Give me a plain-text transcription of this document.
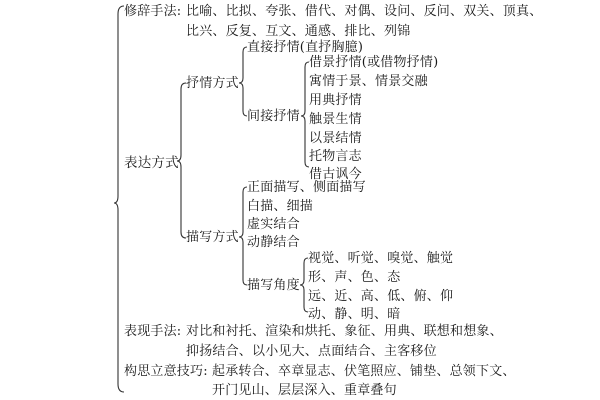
表达方式
修辞手法: 比喻、比拟、夸张、借代、对偶、设问、反问、双关、顶真、
比兴、反复、互文、通感、排比、列锦
抒情方式
直接抒情(直抒胸臆)
间接抒情
借景抒情(或借物抒情)
寓情于景、情景交融
用典抒情
触景生情
以景结情
托物言志
借古讽今
描写方式
正面描写、侧面描写
白描、细描
虚实结合
动静结合
描写角度
视觉、听觉、嗅觉、触觉
形、声、色、态
远、近、高、低、俯、仰
动、静、明、暗
表现手法: 对比和衬托、渲染和烘托、象征、用典、联想和想象、
抑扬结合、以小见大、点面结合、主客移位
构思立意技巧: 起承转合、卒章显志、伏笔照应、铺垫、总领下文、
开门见山、层层深入、重章叠句
